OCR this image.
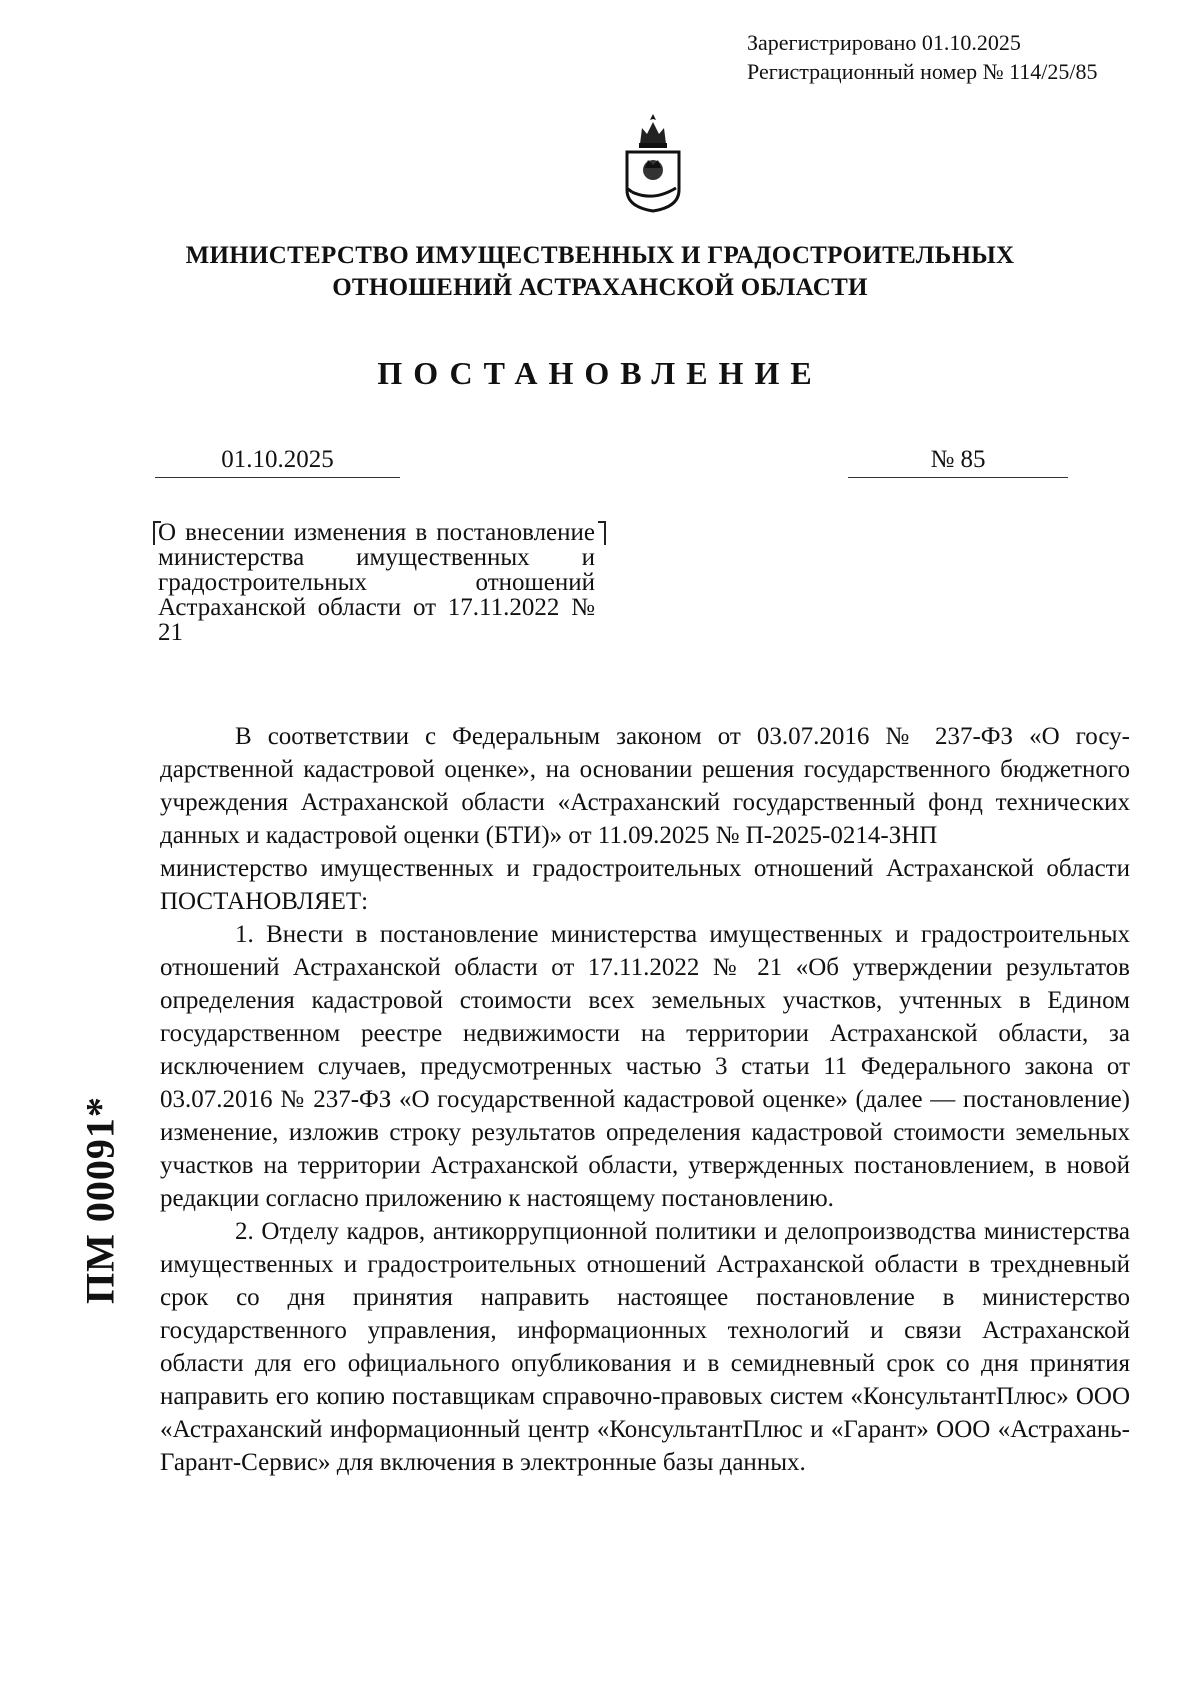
Зарегистрировано 01.10.2025
Регистрационный номер № 114/25/85
МИНИСТЕРСТВО ИМУЩЕСТВЕННЫХ И ГРАДОСТРОИТЕЛЬНЫХ
ОТНОШЕНИЙ АСТРАХАНСКОЙ ОБЛАСТИ
ПОСТАНОВЛЕНИЕ
01.10.2025	№ 85
О внесении изменения в постановление министерства имущественных и градостроительных отношений Астраханской области от 17.11.2022 № 21

В соответствии с Федеральным законом от 03.07.2016 № 237-ФЗ «О государственной кадастровой оценке», на основании решения государственного бюджетного учреждения Астраханской области «Астраханский государственный фонд технических данных и кадастровой оценки (БТИ)» от 11.09.2025 № П-2025-0214-ЗНП

министерство имущественных и градостроительных отношений Астраханской области ПОСТАНОВЛЯЕТ:

1. Внести в постановление министерства имущественных и градостроительных отношений Астраханской области от 17.11.2022 № 21 «Об утверждении результатов определения кадастровой стоимости всех земельных участков, учтенных в Едином государственном реестре недвижимости на территории Астраханской области, за исключением случаев, предусмотренных частью 3 статьи 11 Федерального закона от 03.07.2016 № 237-ФЗ «О государственной кадастровой оценке» (далее — постановление) изменение, изложив строку результатов определения кадастровой стоимости земельных участков на территории Астраханской области, утвержденных постановлением, в новой редакции согласно приложению к настоящему постановлению.

2. Отделу кадров, антикоррупционной политики и делопроизводства министерства имущественных и градостроительных отношений Астраханской области в трехдневный срок со дня принятия направить настоящее постановление в министерство государственного управления, информационных технологий и связи Астраханской области для его официального опубликования и в семидневный срок со дня принятия направить его копию поставщикам справочно-правовых систем «КонсультантПлюс» ООО «Астраханский информационный центр «КонсультантПлюс и «Гарант» ООО «Астрахань-Гарант-Сервис» для включения в электронные базы данных.

ПМ 00091*
